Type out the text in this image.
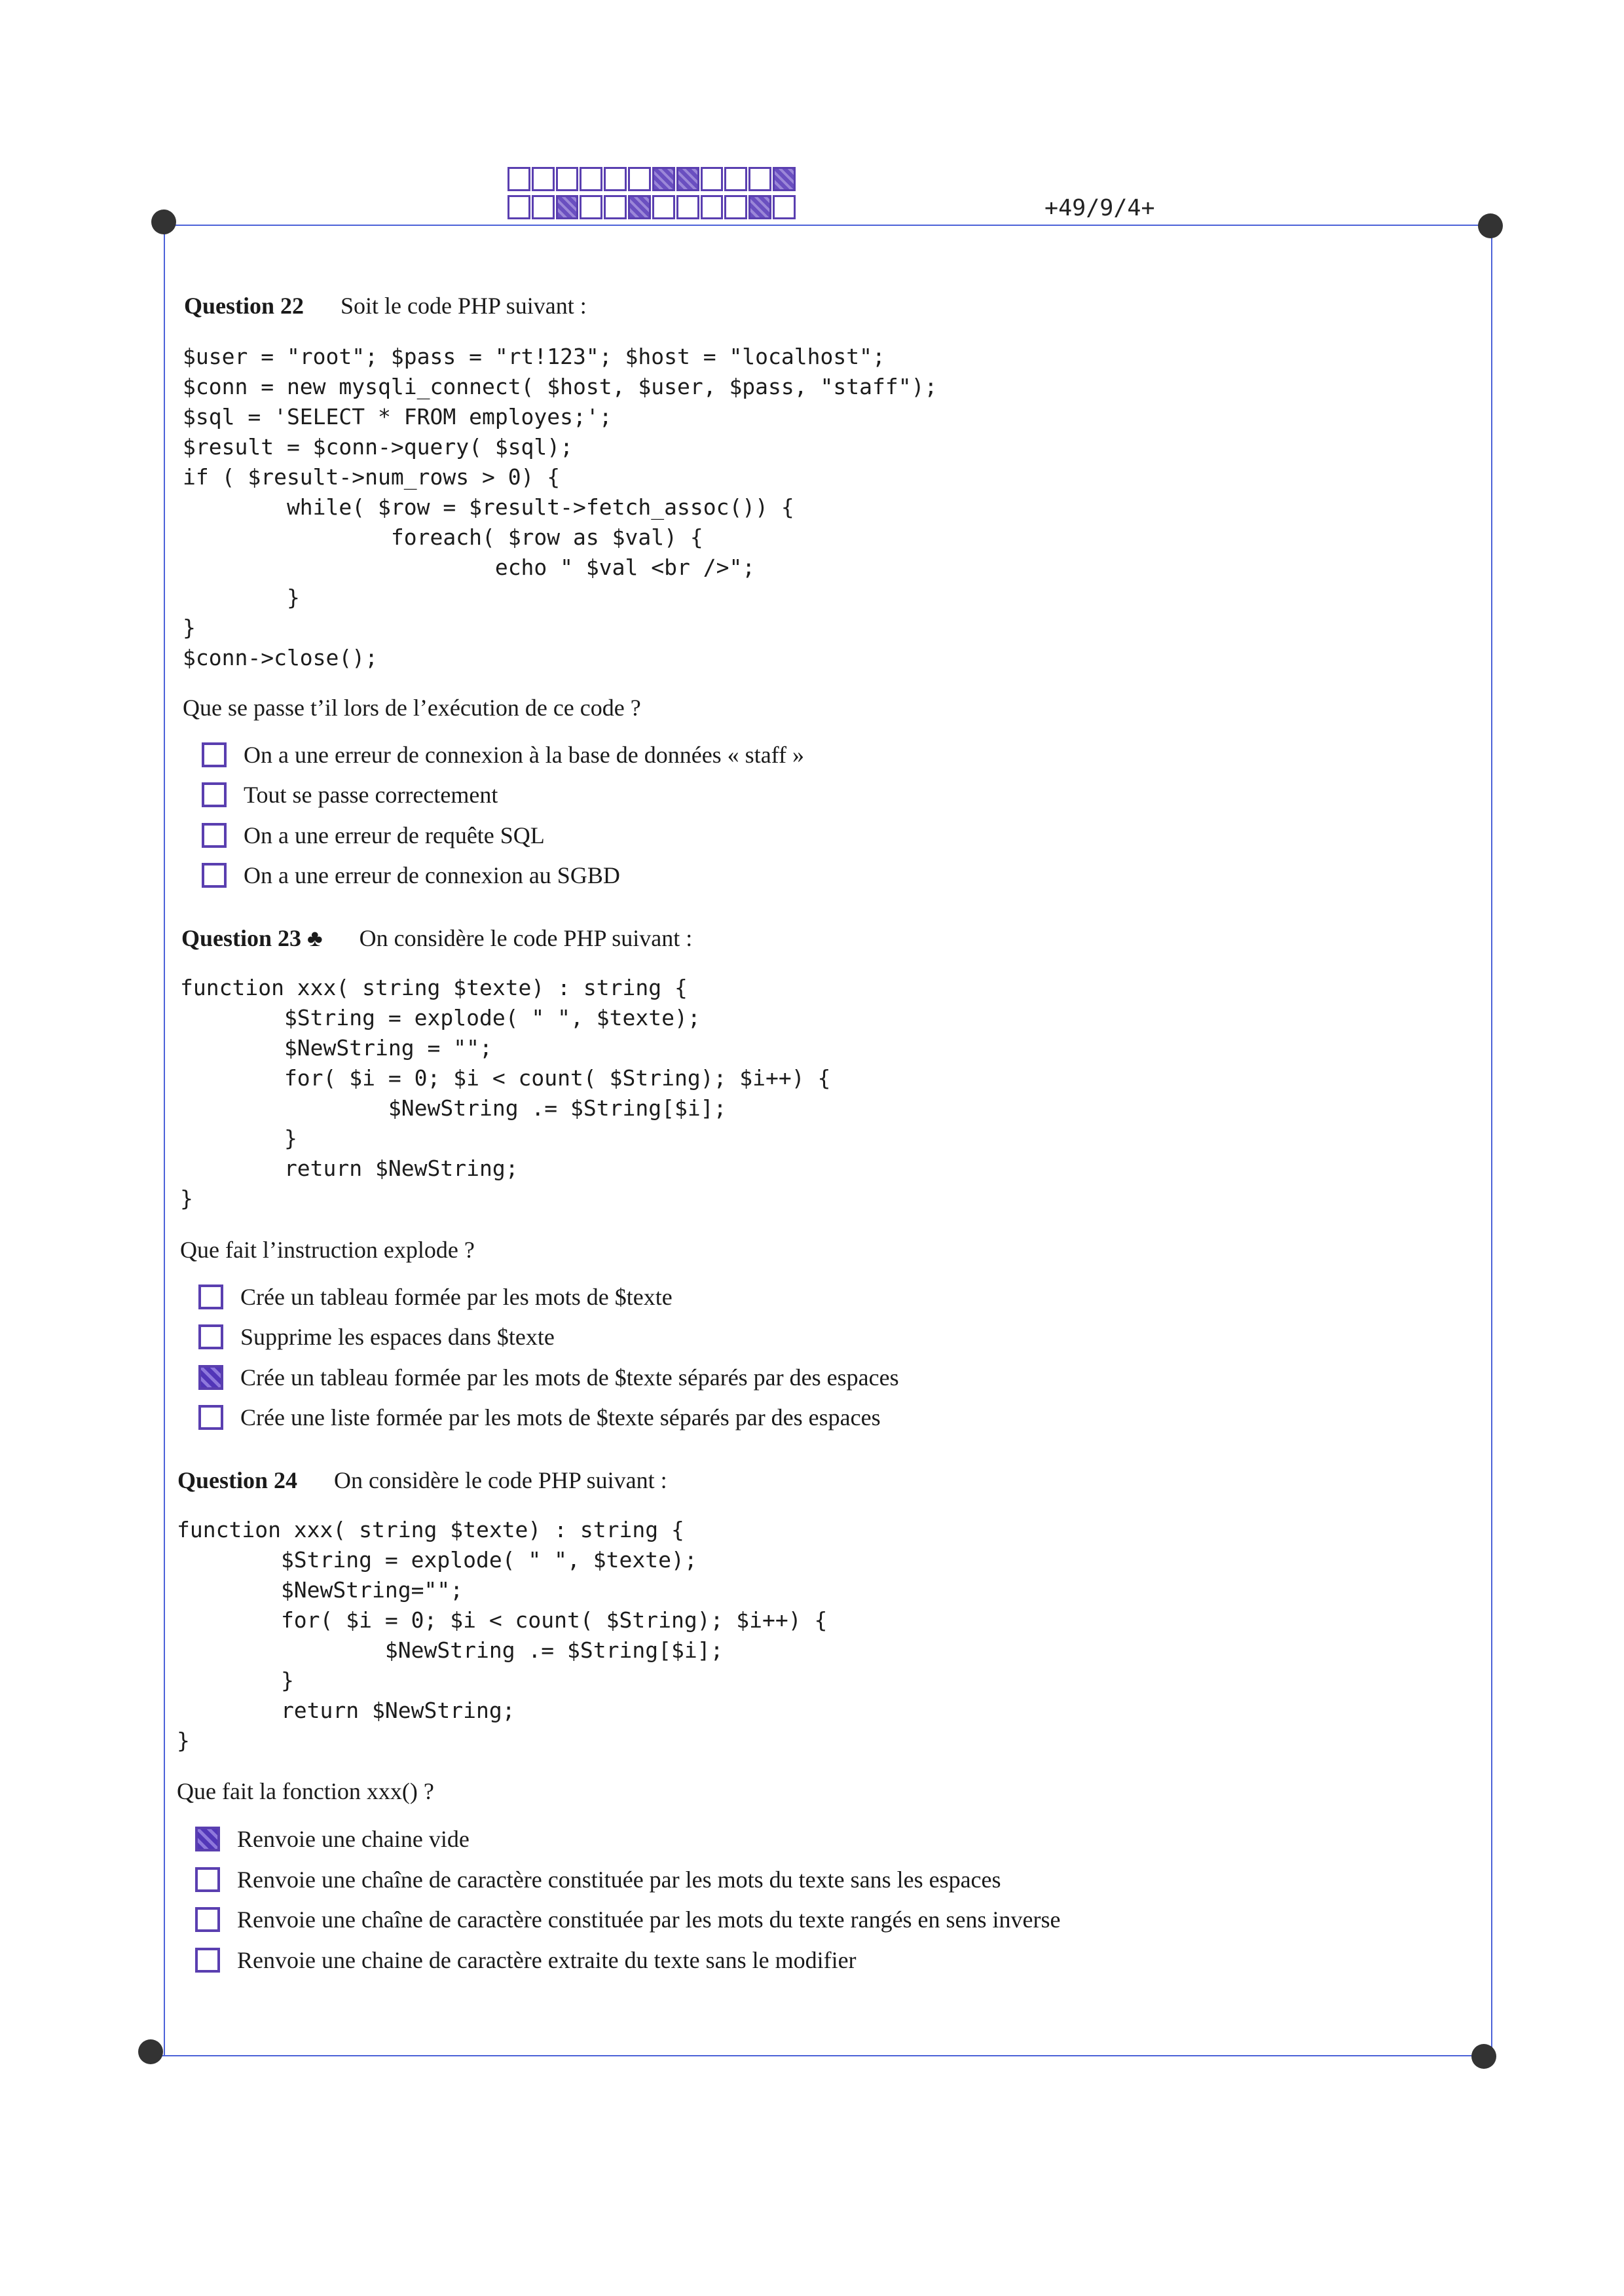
+49/9/4+
Question 22 Soit le code PHP suivant :
$user = "root"; $pass = "rt!123"; $host = "localhost";
$conn = new mysqli_connect( $host, $user, $pass, "staff");
$sql = 'SELECT * FROM employes;';
$result = $conn->query( $sql);
if ( $result->num_rows > 0) {
while( $row = $result->fetch_assoc()) {
foreach( $row as $val) {
echo " $val <br />";
}
}
$conn->close();
Que se passe t’il lors de l’exécution de ce code ?
On a une erreur de connexion à la base de données « staff »
Tout se passe correctement
On a une erreur de requête SQL
On a une erreur de connexion au SGBD
Question 23 ♣ On considère le code PHP suivant :
function xxx( string $texte) : string {
$String = explode( " ", $texte);
$NewString = "";
for( $i = 0; $i < count( $String); $i++) {
$NewString .= $String[$i];
}
return $NewString;
}
Que fait l’instruction explode ?
Crée un tableau formée par les mots de $texte
Supprime les espaces dans $texte
Crée un tableau formée par les mots de $texte séparés par des espaces
Crée une liste formée par les mots de $texte séparés par des espaces
Question 24 On considère le code PHP suivant :
function xxx( string $texte) : string {
$String = explode( " ", $texte);
$NewString="";
for( $i = 0; $i < count( $String); $i++) {
$NewString .= $String[$i];
}
return $NewString;
}
Que fait la fonction xxx() ?
Renvoie une chaine vide
Renvoie une chaîne de caractère constituée par les mots du texte sans les espaces
Renvoie une chaîne de caractère constituée par les mots du texte rangés en sens inverse
Renvoie une chaine de caractère extraite du texte sans le modifier
